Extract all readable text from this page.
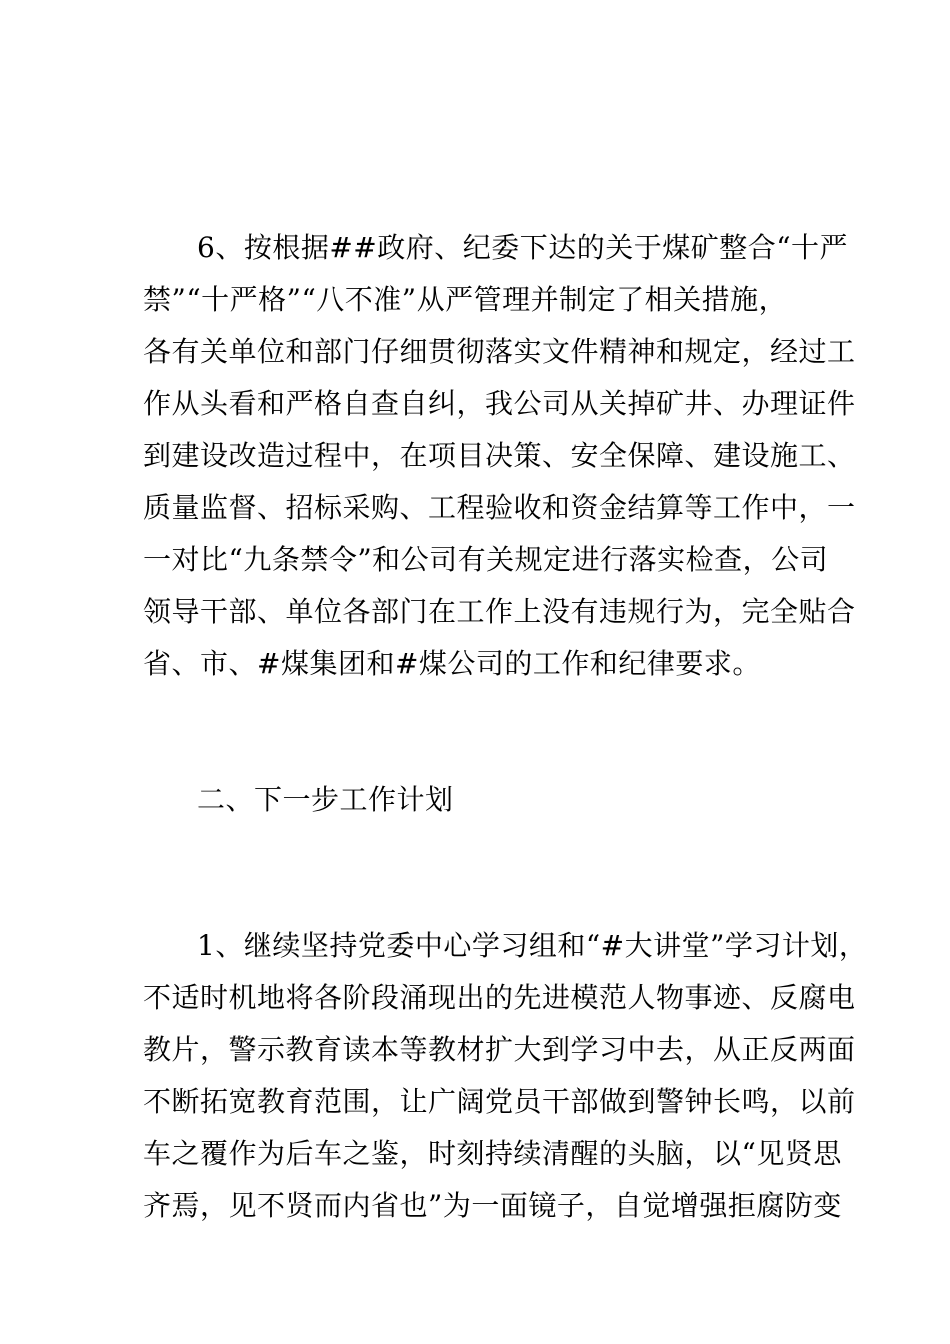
6、按根据##政府、纪委下达的关于煤矿整合“十严
禁”“十严格”“八不准”从严管理并制定了相关措施，
各有关单位和部门仔细贯彻落实文件精神和规定，经过工
作从头看和严格自查自纠，我公司从关掉矿井、办理证件
到建设改造过程中，在项目决策、安全保障、建设施工、
质量监督、招标采购、工程验收和资金结算等工作中，一
一对比“九条禁令”和公司有关规定进行落实检查，公司
领导干部、单位各部门在工作上没有违规行为，完全贴合
省、市、#煤集团和#煤公司的工作和纪律要求。
二、下一步工作计划
1、继续坚持党委中心学习组和“#大讲堂”学习计划，
不适时机地将各阶段涌现出的先进模范人物事迹、反腐电
教片，警示教育读本等教材扩大到学习中去，从正反两面
不断拓宽教育范围，让广阔党员干部做到警钟长鸣，以前
车之覆作为后车之鉴，时刻持续清醒的头脑，以“见贤思
齐焉，见不贤而内省也”为一面镜子，自觉增强拒腐防变
